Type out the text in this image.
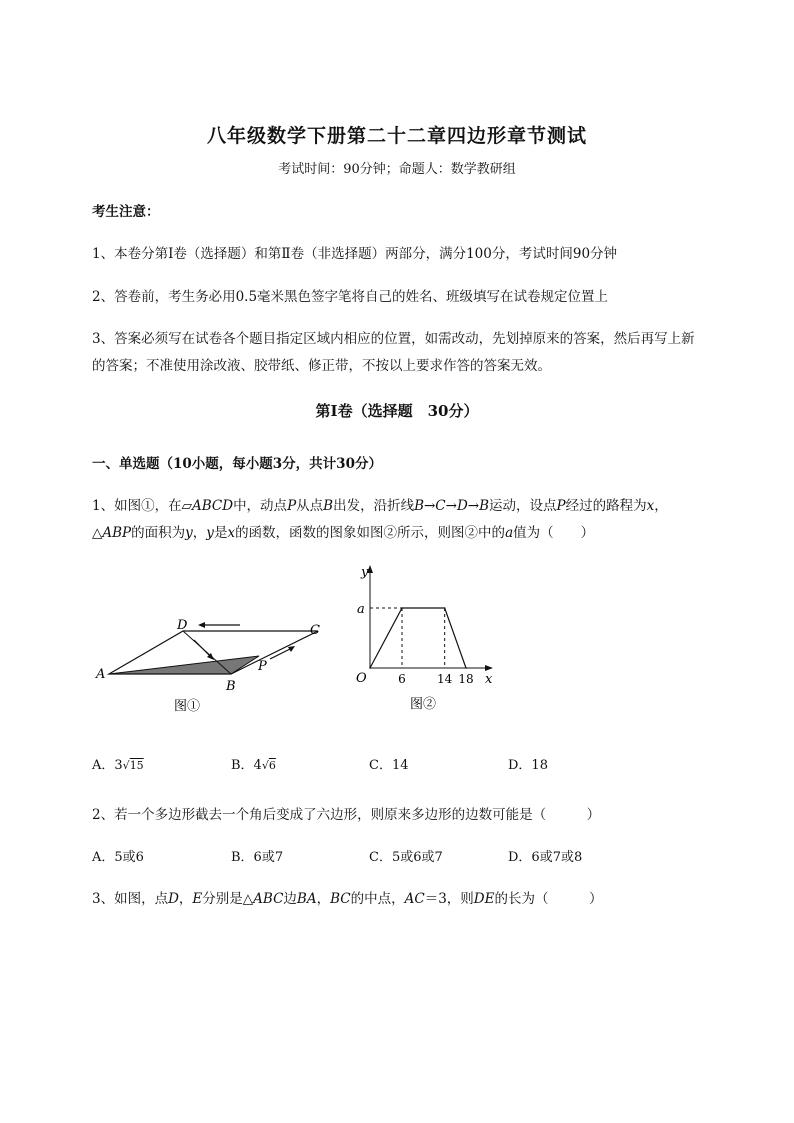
八年级数学下册第二十二章四边形章节测试
考试时间：90分钟；命题人：数学教研组
考生注意：
1、本卷分第I卷（选择题）和第Ⅱ卷（非选择题）两部分，满分100分，考试时间90分钟
2、答卷前，考生务必用0.5毫米黑色签字笔将自己的姓名、班级填写在试卷规定位置上
3、答案必须写在试卷各个题目指定区域内相应的位置，如需改动，先划掉原来的答案，然后再写上新
的答案；不准使用涂改液、胶带纸、修正带，不按以上要求作答的答案无效。
第I卷（选择题　30分）
一、单选题（10小题，每小题3分，共计30分）
1、如图①，在▱ABCD中，动点P从点B出发，沿折线B→C→D→B运动，设点P经过的路程为x，
△ABP的面积为y，y是x的函数，函数的图象如图②所示，则图②中的a值为（　　）
A
B
C
D
P
图①
y
x
O
a
6	14 18
图②
A．3√15	B．4√6	C．14	D．18
2、若一个多边形截去一个角后变成了六边形，则原来多边形的边数可能是（　　　）
A．5或6	B．6或7	C．5或6或7	D．6或7或8
3、如图，点D，E分别是△ABC边BA，BC的中点，AC＝3，则DE的长为（　　　）
